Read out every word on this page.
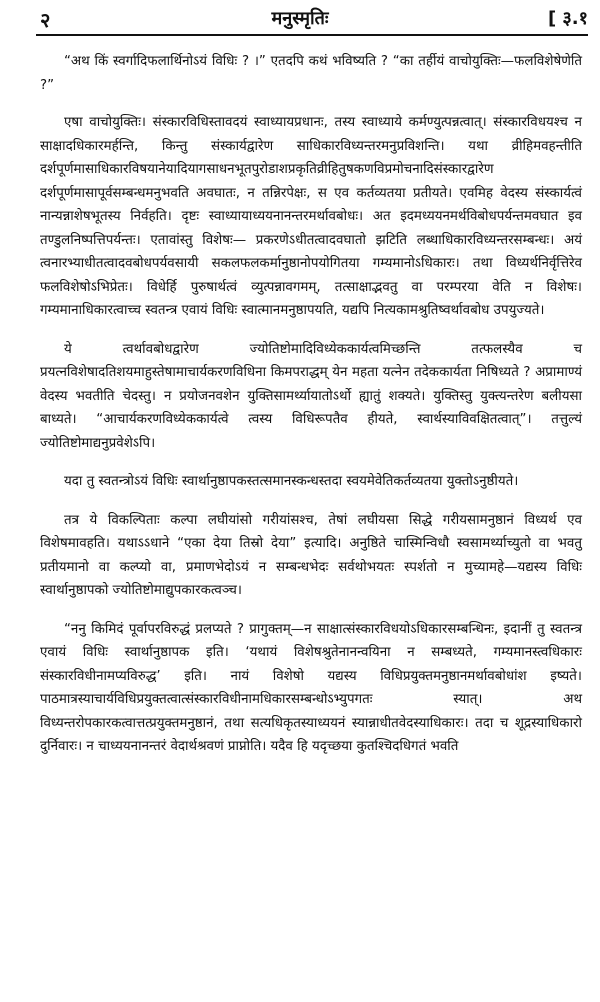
२	मनुस्मृतिः	[ ३.१

“अथ किं स्वर्गादिफलार्थिनोऽयं विधिः ? ।” एतदपि कथं भविष्यति ? “का तर्हीयं वाचोयुक्तिः—फलविशेषेणेति ?”

एषा वाचोयुक्तिः। संस्कारविधिस्तावदयं स्वाध्यायप्रधानः, तस्य स्वाध्याये कर्मण्युत्पन्नत्वात्। संस्कारविधयश्च न साक्षादधिकारमर्हन्ति, किन्तु संस्कार्यद्वारेण साधिकारविध्यन्तरमनुप्रविशन्ति। यथा व्रीहिमवहन्तीति दर्शपूर्णमासाधिकारविषयानेयादियागसाधनभूतपुरोडाशप्रकृतिव्रीहितुषकणविप्रमोचनादिसंस्कारद्वारेण दर्शपूर्णमासापूर्वसम्बन्धमनुभवति अवघातः, न तन्निरपेक्षः, स एव कर्तव्यतया प्रतीयते। एवमिह वेदस्य संस्कार्यत्वं नान्यन्नाशेषभूतस्य निर्वहति। दृष्टः स्वाध्यायाध्ययनानन्तरमर्थावबोधः। अत इदमध्ययनमर्थविबोधपर्यन्तमवघात इव तण्डुलनिष्पत्तिपर्यन्तः। एतावांस्तु विशेषः— प्रकरणेऽधीतत्वादवघातो झटिति लब्धाधिकारविध्यन्तरसम्बन्धः। अयं त्वनारभ्याधीतत्वादवबोधपर्यवसायी सकलफलकर्मानुष्ठानोपयोगितया गम्यमानोऽधिकारः। तथा विध्यर्थनिर्वृत्तिरेव फलविशेषोऽभिप्रेतः। विधेर्हि पुरुषार्थत्वं व्युत्पन्नावगमम्, तत्साक्षाद्भवतु वा परम्परया वेति न विशेषः। गम्यमानाधिकारत्वाच्च स्वतन्त्र एवायं विधिः स्वात्मानमनुष्ठापयति, यद्यपि नित्यकामश्रुतिष्वर्थावबोध उपयुज्यते।

ये त्वर्थावबोधद्वारेण ज्योतिष्टोमादिविध्येककार्यत्वमिच्छन्ति तत्फलस्यैव च प्रयत्नविशेषादतिशयमाहुस्तेषामाचार्यकरणविधिना किमपराद्धम् येन महता यत्नेन तदेककार्यता निषिध्यते ? अप्रामाण्यं वेदस्य भवतीति चेदस्तु। न प्रयोजनवशेन युक्तिसामर्थ्यायातोऽर्थो ह्यातुं शक्यते। युक्तिस्तु युक्त्यन्तरेण बलीयसा बाध्यते। “आचार्यकरणविध्येककार्यत्वे त्वस्य विधिरूपतैव हीयते, स्वार्थस्याविवक्षितत्वात्”। तत्तुल्यं ज्योतिष्टोमाद्यनुप्रवेशेऽपि।

यदा तु स्वतन्त्रोऽयं विधिः स्वार्थानुष्ठापकस्तत्समानस्कन्धस्तदा स्वयमेवेतिकर्तव्यतया युक्तोऽनुष्ठीयते।

तत्र ये विकल्पिताः कल्पा लघीयांसो गरीयांसश्च, तेषां लघीयसा सिद्धे गरीयसामनुष्ठानं विध्यर्थ एव विशेषमावहति। यथाऽऽधाने “एका देया तिस्रो देया” इत्यादि। अनुष्ठिते चास्मिन्विधौ स्वसामर्थ्याच्युतो वा भवतु प्रतीयमानो वा कल्प्यो वा, प्रमाणभेदोऽयं न सम्बन्धभेदः सर्वथोभयतः स्पर्शतो न मुच्यामहे—यद्यस्य विधिः स्वार्थानुष्ठापको ज्योतिष्टोमाद्युपकारकत्वञ्च।

“ननु किमिदं पूर्वापरविरुद्धं प्रलप्यते ? प्रागुक्तम्—न साक्षात्संस्कारविधयोऽधिकारसम्बन्धिनः, इदानीं तु स्वतन्त्र एवायं विधिः स्वार्थानुष्ठापक इति। ‘यथायं विशेषश्रुतेनानन्वयिना न सम्बध्यते, गम्यमानस्त्वधिकारः संस्कारविधीनामप्यविरुद्ध’ इति। नायं विशेषो यद्यस्य विधिप्रयुक्तमनुष्ठानमर्थावबोधांश इष्यते। पाठमात्रस्याचार्यविधिप्रयुक्तत्वात्संस्कारविधीनामधिकारसम्बन्धोऽभ्युपगतः स्यात्। अथ विध्यन्तरोपकारकत्वात्तत्प्रयुक्तमनुष्ठानं, तथा सत्यधिकृतस्याध्ययनं स्यान्नाधीतवेदस्याधिकारः। तदा च शूद्रस्याधिकारो दुर्निवारः। न चाध्ययनानन्तरं वेदार्थश्रवणं प्राप्नोति। यदैव हि यदृच्छया कुतश्चिदधिगतं भवति
